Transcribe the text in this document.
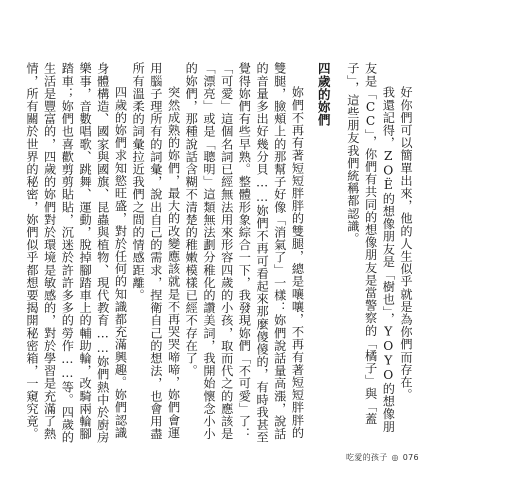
好你們可以簡單出來，他的人生似乎就是為你們而存在。

我還記得，ZOË的想像朋友是「樹也」，YOYO的想像朋友是「CC」，你們有共同的想像朋友是當警察的「橘子」與「蓋子」，這些朋友我們統稱都認識。

四歲的妳們

妳們不再有著短短胖胖的雙腿，總是嚷嚷，不再有著短短胖胖的雙腿，臉頰上的那幫子好像「消氣了」一樣：妳們說話量高漲，說話的音量多出好幾分貝……妳們不再可看起來那麼傻傻的，有時我甚至覺得妳們有些早熟。整體形象綜合一下，我發現妳們「不可愛」了：「可愛」這個名詞已經無法用來形容四歲的小孩，取而代之的應該是「漂亮」或是「聰明」這類無法劃分稚化的讚美詞，我開始懷念小小的妳們，那種說話含糊不清楚的稚嫩模樣已經不存在了。

突然成熟的妳們，最大的改變應該就是不再哭哭啼啼，妳們會運用腦子理所有的詞彙，說出自己的需求，捏衛自己的想法，也會用盡所有溫柔的詞彙拉近我們之間的情感距離。

四歲的妳們求知慾旺盛，對於任何的知識都充滿興趣。妳們認識身體構造、國家與國旗、昆蟲與植物、現代教育……妳們熱中於廚房樂事，音數唱歌、跳舞、運動，脫掉腳踏車上的輔助輪，改騎兩輪腳踏車；妳們也喜歡剪剪貼貼，沉迷於許許多多的勞作……等。四歲的生活是豐富的，四歲的妳們對於環境是敏感的，對於學習是充滿了熱情，所有關於世界的秘密，妳們似乎都想要揭開秘密箱，一窺究竟。

吃愛的孩子 ◎ 076
